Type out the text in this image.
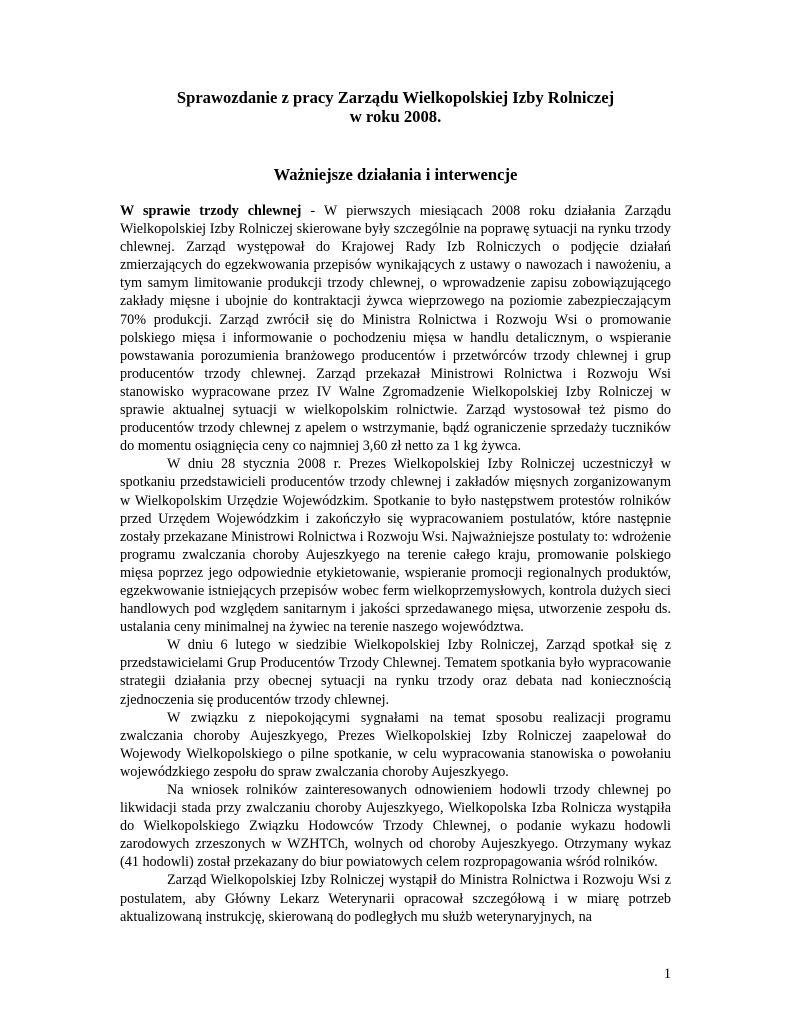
Sprawozdanie z pracy Zarządu Wielkopolskiej Izby Rolniczej
w roku 2008.
Ważniejsze działania i interwencje

W sprawie trzody chlewnej - W pierwszych miesiącach 2008 roku działania Zarządu Wielkopolskiej Izby Rolniczej skierowane były szczególnie na poprawę sytuacji na rynku trzody chlewnej. Zarząd występował do Krajowej Rady Izb Rolniczych o podjęcie działań zmierzających do egzekwowania przepisów wynikających z ustawy o nawozach i nawożeniu, a tym samym limitowanie produkcji trzody chlewnej, o wprowadzenie zapisu zobowiązującego zakłady mięsne i ubojnie do kontraktacji żywca wieprzowego na poziomie zabezpieczającym 70% produkcji. Zarząd zwrócił się do Ministra Rolnictwa i Rozwoju Wsi o promowanie polskiego mięsa i informowanie o pochodzeniu mięsa w handlu detalicznym, o wspieranie powstawania porozumienia branżowego producentów i przetwórców trzody chlewnej i grup producentów trzody chlewnej. Zarząd przekazał Ministrowi Rolnictwa i Rozwoju Wsi stanowisko wypracowane przez IV Walne Zgromadzenie Wielkopolskiej Izby Rolniczej w sprawie aktualnej sytuacji w wielkopolskim rolnictwie. Zarząd wystosował też pismo do producentów trzody chlewnej z apelem o wstrzymanie, bądź ograniczenie sprzedaży tuczników do momentu osiągnięcia ceny co najmniej 3,60 zł netto za 1 kg żywca.

W dniu 28 stycznia 2008 r. Prezes Wielkopolskiej Izby Rolniczej uczestniczył w spotkaniu przedstawicieli producentów trzody chlewnej i zakładów mięsnych zorganizowanym w Wielkopolskim Urzędzie Wojewódzkim. Spotkanie to było następstwem protestów rolników przed Urzędem Wojewódzkim i zakończyło się wypracowaniem postulatów, które następnie zostały przekazane Ministrowi Rolnictwa i Rozwoju Wsi. Najważniejsze postulaty to: wdrożenie programu zwalczania choroby Aujeszkyego na terenie całego kraju, promowanie polskiego mięsa poprzez jego odpowiednie etykietowanie, wspieranie promocji regionalnych produktów, egzekwowanie istniejących przepisów wobec ferm wielkoprzemysłowych, kontrola dużych sieci handlowych pod względem sanitarnym i jakości sprzedawanego mięsa, utworzenie zespołu ds. ustalania ceny minimalnej na żywiec na terenie naszego województwa.

W dniu 6 lutego w siedzibie Wielkopolskiej Izby Rolniczej, Zarząd spotkał się z przedstawicielami Grup Producentów Trzody Chlewnej. Tematem spotkania było wypracowanie strategii działania przy obecnej sytuacji na rynku trzody oraz debata nad koniecznością zjednoczenia się producentów trzody chlewnej.

W związku z niepokojącymi sygnałami na temat sposobu realizacji programu zwalczania choroby Aujeszkyego, Prezes Wielkopolskiej Izby Rolniczej zaapelował do Wojewody Wielkopolskiego o pilne spotkanie, w celu wypracowania stanowiska o powołaniu wojewódzkiego zespołu do spraw zwalczania choroby Aujeszkyego.

Na wniosek rolników zainteresowanych odnowieniem hodowli trzody chlewnej po likwidacji stada przy zwalczaniu choroby Aujeszkyego, Wielkopolska Izba Rolnicza wystąpiła do Wielkopolskiego Związku Hodowców Trzody Chlewnej, o podanie wykazu hodowli zarodowych zrzeszonych w WZHTCh, wolnych od choroby Aujeszkyego. Otrzymany wykaz (41 hodowli) został przekazany do biur powiatowych celem rozpropagowania wśród rolników.

Zarząd Wielkopolskiej Izby Rolniczej wystąpił do Ministra Rolnictwa i Rozwoju Wsi z postulatem, aby Główny Lekarz Weterynarii opracował szczegółową i w miarę potrzeb aktualizowaną instrukcję, skierowaną do podległych mu służb weterynaryjnych, na

1
